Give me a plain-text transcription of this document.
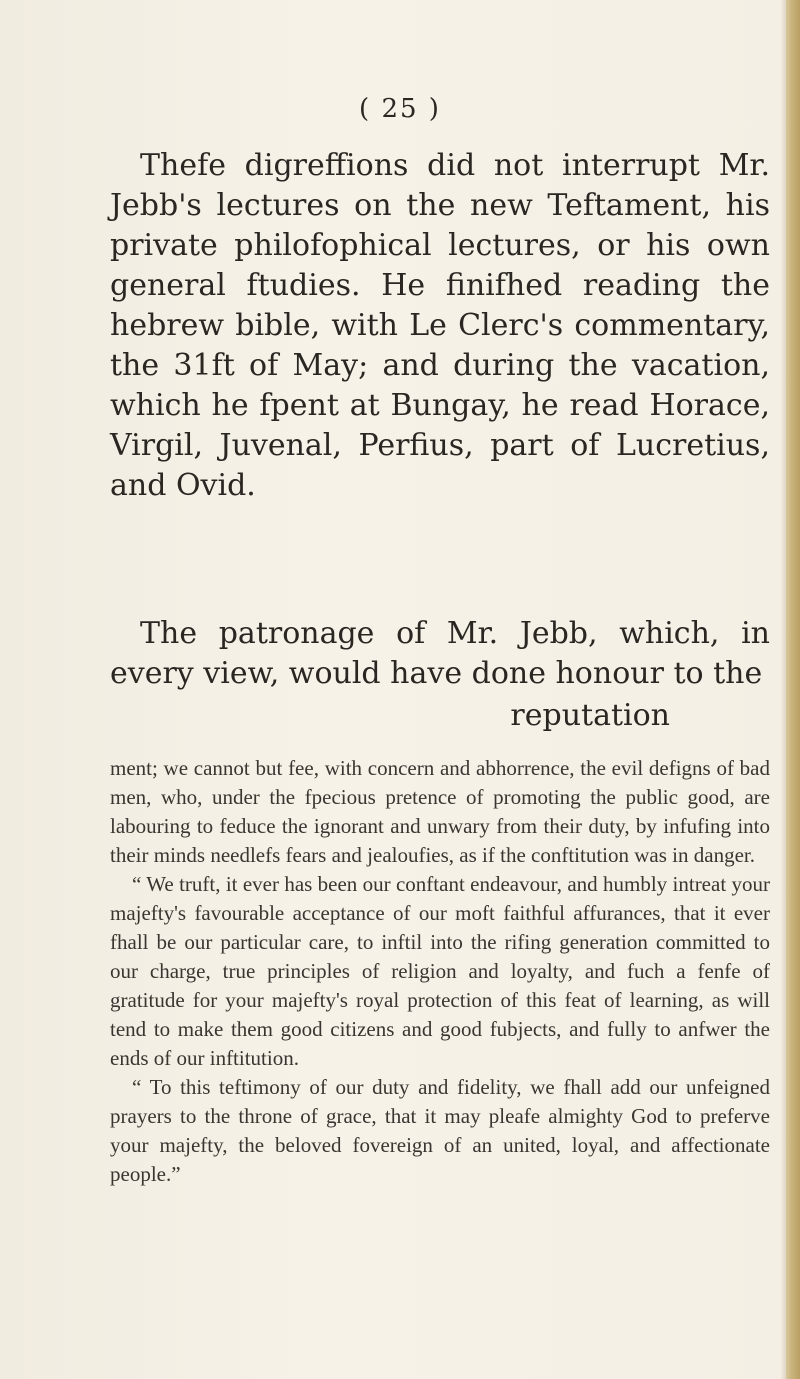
( 25 )

Thefe digreffions did not interrupt Mr. Jebb's lectures on the new Teftament, his private philofophical lectures, or his own general ftudies. He finifhed reading the hebrew bible, with Le Clerc's commentary, the 31ft of May; and during the vacation, which he fpent at Bungay, he read Horace, Virgil, Juvenal, Perfius, part of Lucretius, and Ovid.

The patronage of Mr. Jebb, which, in every view, would have done honour to the

reputation

ment; we cannot but fee, with concern and abhorrence, the evil defigns of bad men, who, under the fpecious pretence of promoting the public good, are labouring to feduce the ignorant and unwary from their duty, by infufing into their minds needlefs fears and jealoufies, as if the conftitution was in danger.

“ We truft, it ever has been our conftant endeavour, and humbly intreat your majefty's favourable acceptance of our moft faithful affurances, that it ever fhall be our particular care, to inftil into the rifing generation committed to our charge, true principles of religion and loyalty, and fuch a fenfe of gratitude for your majefty's royal protection of this feat of learning, as will tend to make them good citizens and good fubjects, and fully to anfwer the ends of our inftitution.

“ To this teftimony of our duty and fidelity, we fhall add our unfeigned prayers to the throne of grace, that it may pleafe almighty God to preferve your majefty, the beloved fovereign of an united, loyal, and affectionate people.”
